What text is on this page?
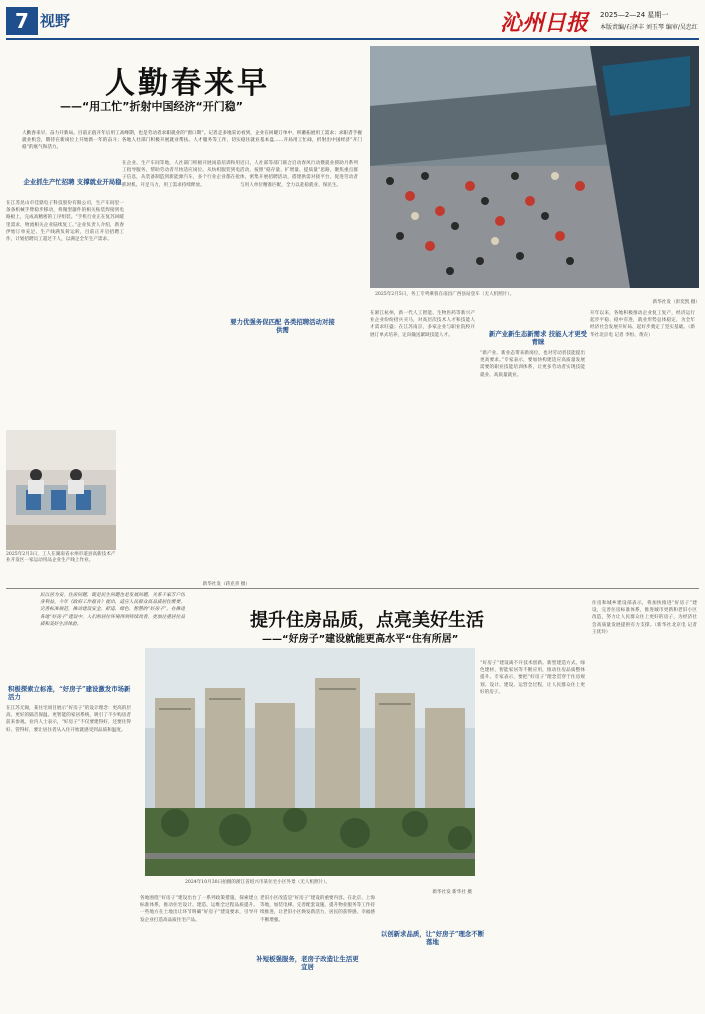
7 视野	沁州日报 2025—2—24 星期一
本版责编/石泽丰 刘玉琴 编审/吴忠红
人勤春来早
——“用工忙”折射中国经济“开门稳”
2025年2月5日，务工专列乘客在南昌广西县站登车（无人机照片）。
新华社发（彭奕凯 摄）
人勤春来早，奋力开新局。目前正值开年后用工高峰期，也是劳动者求职就业的“窗口期”。记者走多地采访看到，企业在回暖订单中，积蓄拓展用工需求；求职者手握就业机会，期待在新岗位上开始新一年的奋斗；各地人社部门积极开展就业帮扶、人才服务等工作，切实稳住就业基本盘……开局用工忙碌，折射出中国经济“开门稳”的底气和活力。
2025年2月3日，工人在湖南省永州市道县高新技术产业开发区一家运动用品企业生产线上作业。
新华社发（蒋克青 摄）
企业抓生产忙招聘 支撑就业开局稳
要力优强务促匹配 各类招聘活动对接供需	新产业新生态新需求 技能人才更受青睐
在江苏昆山市佳鼎电子科技股份有限公司，生产车间里一条条机械手臂稳步移动，将微型器件的相关贴装焊接到电路板上，完成高精密的工序组装。“手机行业正在复苏回暖里需求，物流相关企业陆续复工。”企业负责人介绍，新春伊始订单充足、生产线满负荷运转，目前正开启招聘工作，计划招聘员工超过千人，以满足全年生产需求。
在企业、生产车间等地，人社部门积极开展岗前培训和用工指导服务，帮助劳动者尽快适应岗位。从纺织服装到电子信息，从装备制造到新能源汽车，多个行业企业都在抢抓时机、开足马力，用工需求持续释放。
近日，人社部等部门联合启动春风行动暨就业援助月系列活动，按照“稳存量、扩增量、提质量”思路，聚焦重点群体，密集开展招聘活动，搭建供需对接平台，促进劳动者与用人单位精准匹配，全力以赴稳就业、保民生。
在浙江杭州，新一代人工智能、生物医药等新兴产业企业纷纷招兵买马，对高层次技术人才和技能人才需求旺盛；在江苏南京，多家企业与职业院校开展订单式培养，定向输送紧缺技能人才。
“新产业、新业态带来新岗位，也对劳动者技能提出更高要求。”专家表示，要加快构建适应高质量发展需要的职业技能培训体系，让更多劳动者实现技能就业、高质量就业。
开年以来，各地积极推动企业复工复产，经济运行起步平稳、稳中有进，就业形势总体稳定，为全年经济社会发展开好局、起好步奠定了坚实基础。（新华社北京电 记者 李恒、黄垚）
提升住房品质，点亮美好生活
——“好房子”建设就能更高水平“住有所居”
民以居为安，住房问题，既是民生问题也是发展问题，关系千家万户切身利益。今年《政府工作报告》提出，适应人民群众高品质居住需要，完善标准规范，推动建设安全、舒适、绿色、智慧的“好房子”。在推进各地“好房子”建设中，人们的居住环境得到持续改善，更加注重居住品质和美好生活体验。
2024年10月30日拍摄的浙江省绍兴市某住宅小区外景（无人机照片）。
新华社发 新华社 摄
积极探索立标准，“好房子”建设激发市场新活力
补短板强服务，老房子改造让生活更宜居
以创新求品质，让“好房子”理念不断落地
在江苏无锡，某住宅项目展示“好房子”的设计理念：更高的层高、更好的隔音保温、更智能的家居系统，吸引了不少购房者前来参观。业内人士表示，“好房子”不仅要建得好，还要住得好、管得好，要让居住者从入住开始就感受到品质和温度。
各地围绕“好房子”建设出台了一系列政策措施，探索建立标准体系，推动住宅设计、建造、运维全过程品质提升。一些地方在土地出让环节明确“好房子”建设要求，引导开发企业打造高品质住宅产品。
老旧小区改造是“好房子”建设的重要内容。在北京、上海等地，加装电梯、完善配套设施、提升物业服务等工作持续推进，让老旧小区焕发新活力，居民的获得感、幸福感不断增强。
“好房子”建设离不开技术创新。新型建造方式、绿色建材、智能家居等不断应用，推动住房品质整体提升。专家表示，要把“好房子”理念贯穿于住房规划、设计、建设、运营全过程，让人民群众住上更好的房子。
住房和城乡建设部表示，将加快推进“好房子”建设，完善住房标准体系，推进城市更新和老旧小区改造，努力让人民群众住上更好的房子，为经济社会高质量发展提供有力支撑。（新华社北京电 记者 王优玲）
